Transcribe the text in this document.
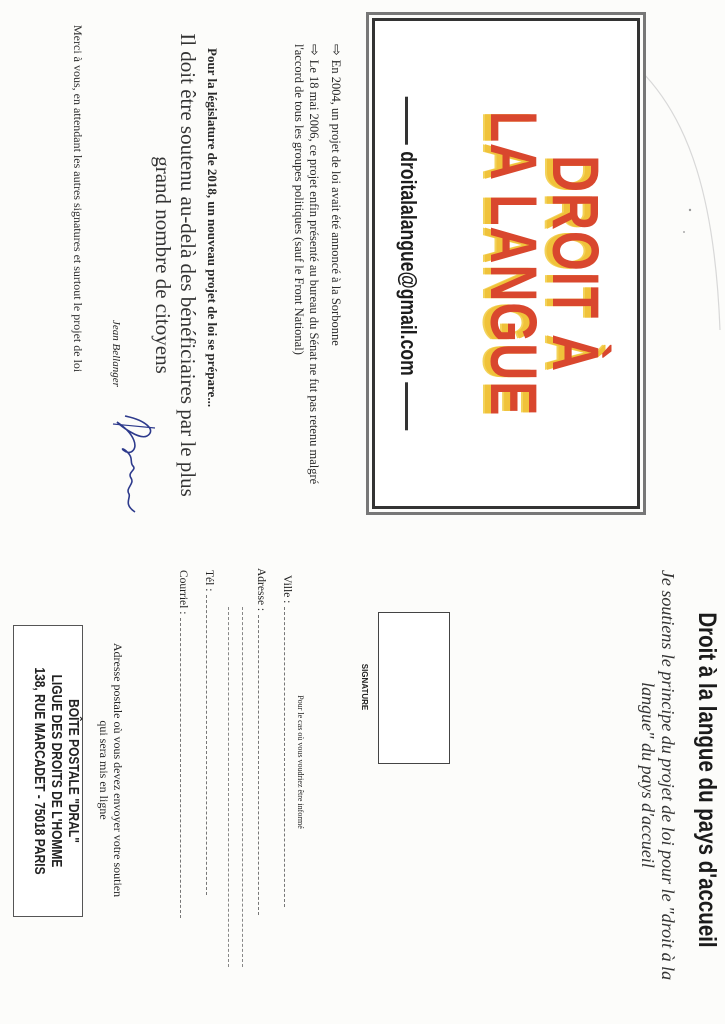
DROIT À
LA LANGUE
droitalalangue@gmail.com
⇨En 2004, un projet de loi avait été annoncé à la Sorbonne
⇨Le 18 mai 2006, ce projet enfin présenté au bureau du Sénat ne fut pas retenu malgré l'accord de tous les groupes politiques (sauf le Front National)
Pour la législature de 2018, un nouveau projet de loi se prépare...
Il doit être soutenu au-delà des bénéficiaires par le plus grand nombre de citoyens
Merci à vous, en attendant les autres signatures et surtout le projet de loi Jean Bellanger
Droit à la langue du pays d'accueil
Je soutiens le principe du projet de loi pour le "droit à la langue" du pays d'accueil
SIGNATURE
Pour le cas où vous voudriez être informé
Ville :
Adresse :
Tél :
Courriel :
Adresse postale où vous devez envoyer votre soutien qui sera mis en ligne
BOÎTE POSTALE "DRAL"
LIGUE DES DROITS DE L'HOMME
138, RUE MARCADET - 75018 PARIS
